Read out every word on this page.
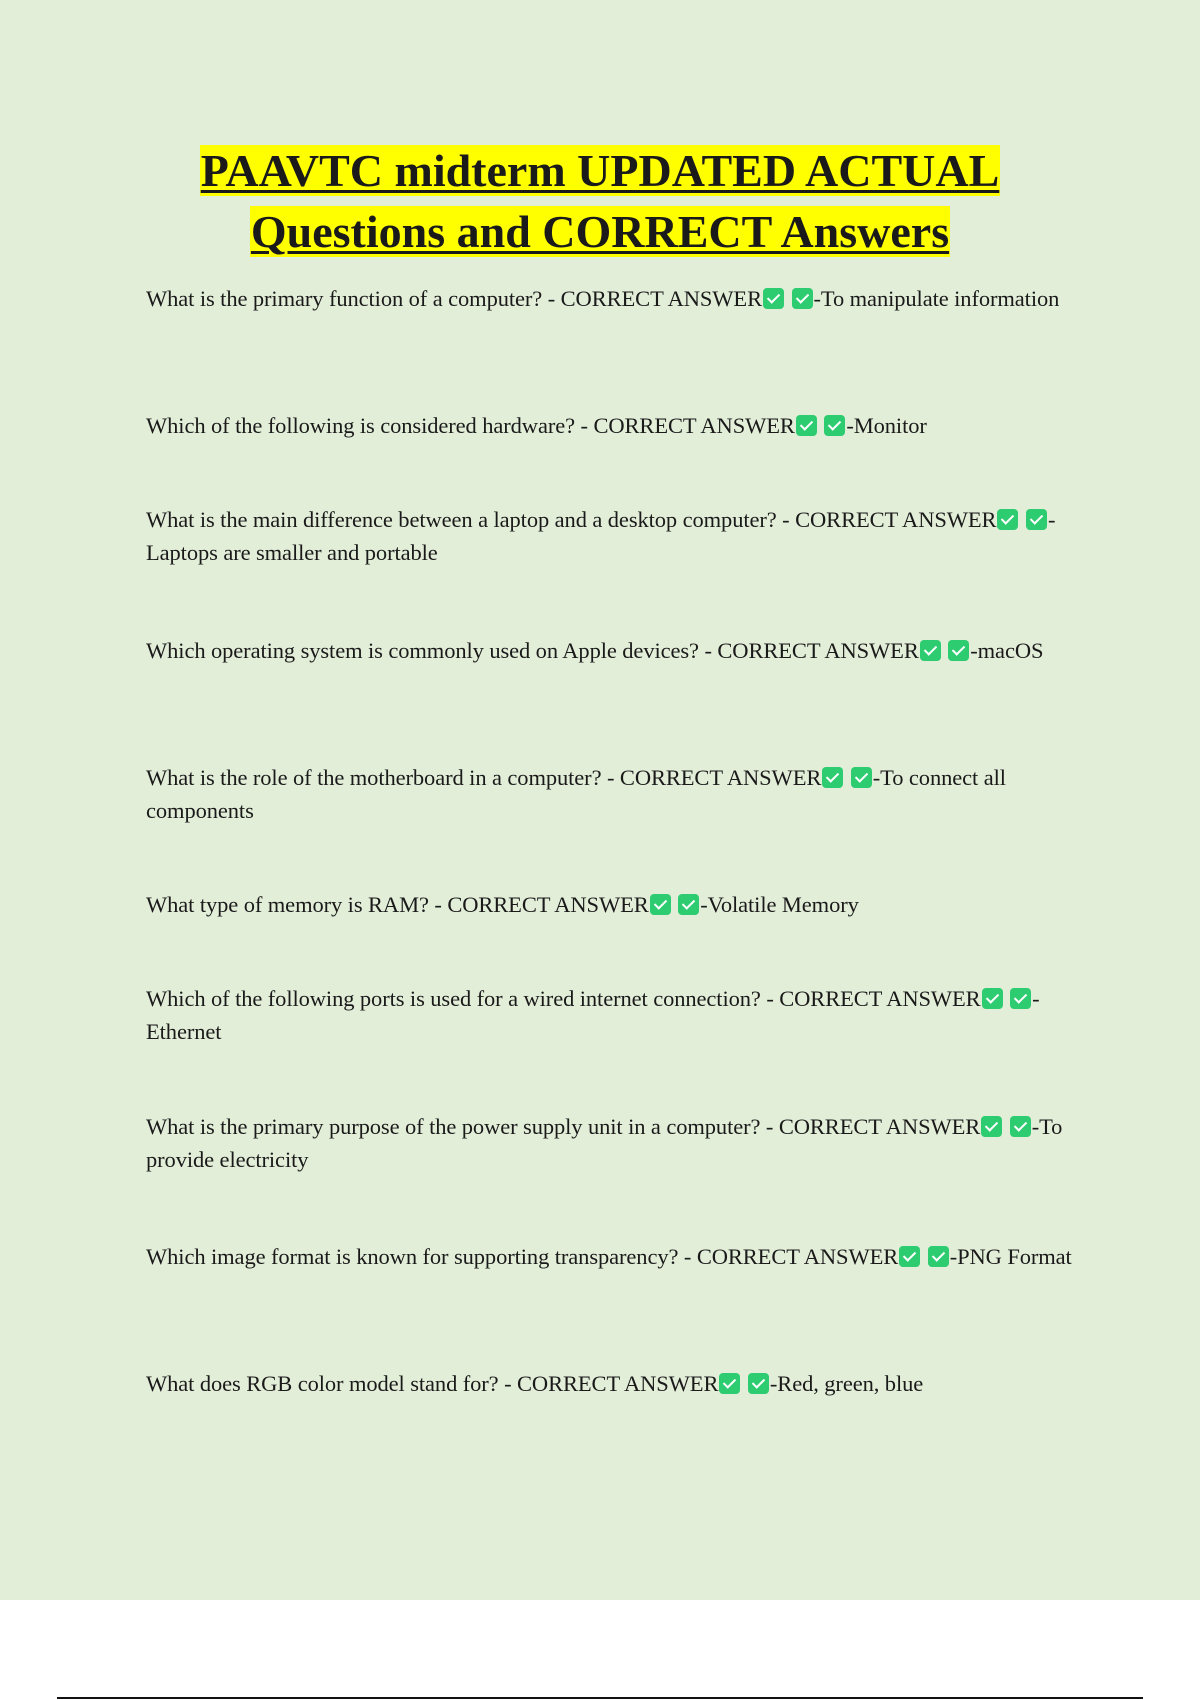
PAAVTC midterm UPDATED ACTUAL
Questions and CORRECT Answers

What is the primary function of a computer? - CORRECT ANSWER -To manipulate information

Which of the following is considered hardware? - CORRECT ANSWER -Monitor

What is the main difference between a laptop and a desktop computer? - CORRECT ANSWER -Laptops are smaller and portable

Which operating system is commonly used on Apple devices? - CORRECT ANSWER -macOS

What is the role of the motherboard in a computer? - CORRECT ANSWER -To connect all components

What type of memory is RAM? - CORRECT ANSWER -Volatile Memory

Which of the following ports is used for a wired internet connection? - CORRECT ANSWER -Ethernet

What is the primary purpose of the power supply unit in a computer? - CORRECT ANSWER -To provide electricity

Which image format is known for supporting transparency? - CORRECT ANSWER -PNG Format

What does RGB color model stand for? - CORRECT ANSWER -Red, green, blue
